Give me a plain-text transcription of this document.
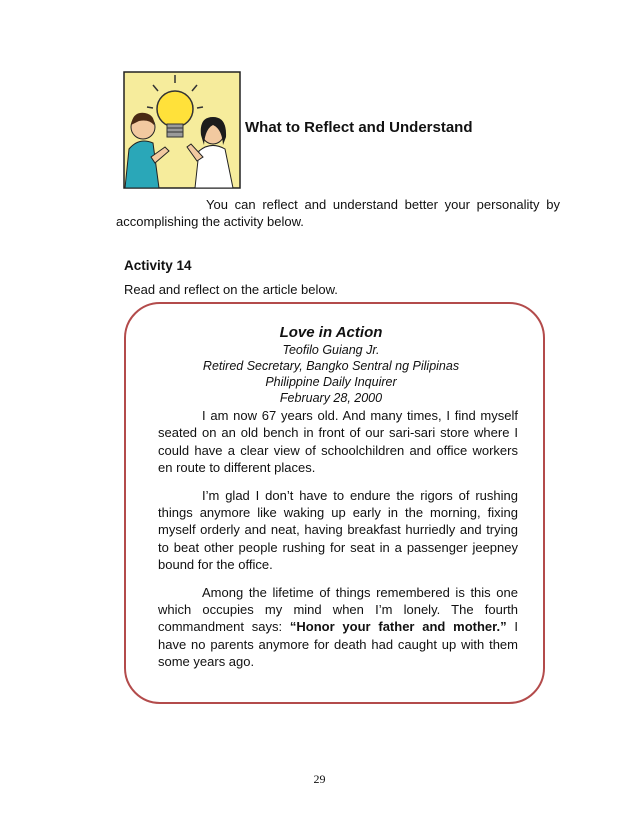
What to Reflect and Understand

You can reflect and understand better your personality by accomplishing the activity below.

Activity 14
Read and reflect on the article below.
Love in Action
Teofilo Guiang Jr.
Retired Secretary, Bangko Sentral ng Pilipinas
Philippine Daily Inquirer
February 28, 2000

I am now 67 years old. And many times, I find myself seated on an old bench in front of our sari-sari store where I could have a clear view of schoolchildren and office workers en route to different places.

I’m glad I don’t have to endure the rigors of rushing things anymore like waking up early in the morning, fixing myself orderly and neat, having breakfast hurriedly and trying to beat other people rushing for seat in a passenger jeepney bound for the office.

Among the lifetime of things remembered is this one which occupies my mind when I’m lonely. The fourth commandment says: “Honor your father and mother.” I have no parents anymore for death had caught up with them some years ago.

29
